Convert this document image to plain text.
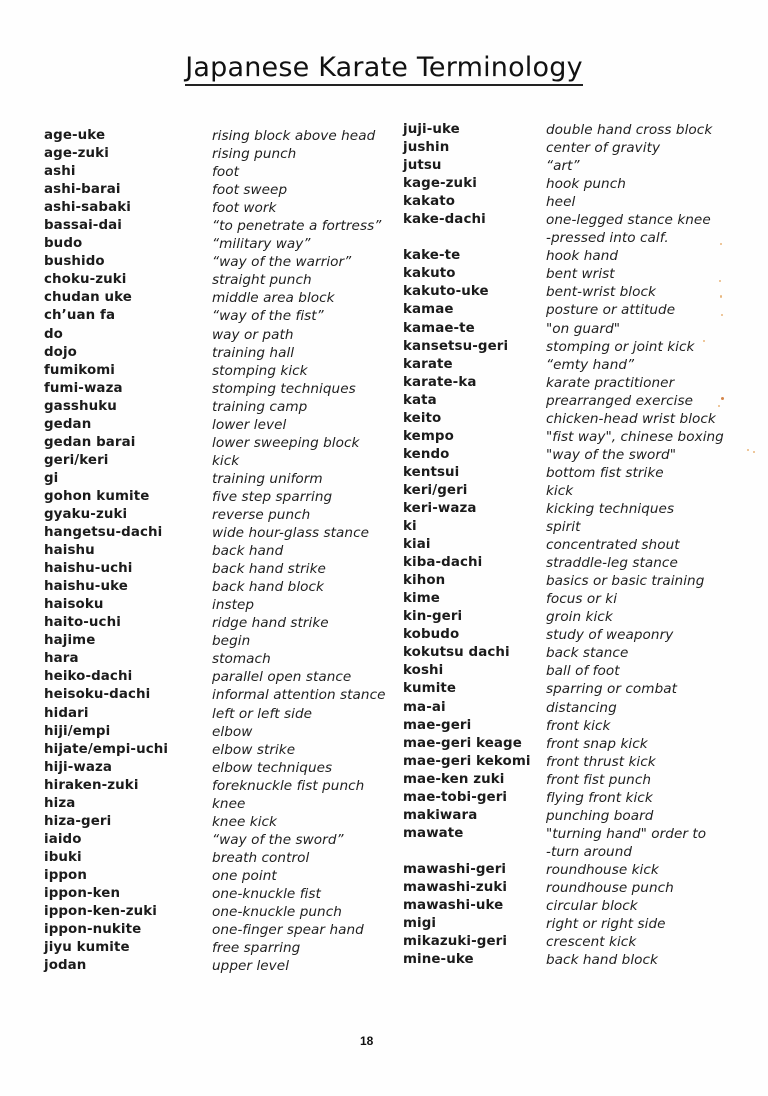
Japanese Karate Terminology
age-uke
age-zuki
ashi
ashi-barai
ashi-sabaki
bassai-dai
budo
bushido
choku-zuki
chudan uke
ch’uan fa
do
dojo
fumikomi
fumi-waza
gasshuku
gedan
gedan barai
geri/keri
gi
gohon kumite
gyaku-zuki
hangetsu-dachi
haishu
haishu-uchi
haishu-uke
haisoku
haito-uchi
hajime
hara
heiko-dachi
heisoku-dachi
hidari
hiji/empi
hijate/empi-uchi
hiji-waza
hiraken-zuki
hiza
hiza-geri
iaido
ibuki
ippon
ippon-ken
ippon-ken-zuki
ippon-nukite
jiyu kumite
jodan
rising block above head
rising punch
foot
foot sweep
foot work
“to penetrate a fortress”
“military way”
“way of the warrior”
straight punch
middle area block
“way of the fist”
way or path
training hall
stomping kick
stomping techniques
training camp
lower level
lower sweeping block
kick
training uniform
five step sparring
reverse punch
wide hour-glass stance
back hand
back hand strike
back hand block
instep
ridge hand strike
begin
stomach
parallel open stance
informal attention stance
left or left side
elbow
elbow strike
elbow techniques
foreknuckle fist punch
knee
knee kick
“way of the sword”
breath control
one point
one-knuckle fist
one-knuckle punch
one-finger spear hand
free sparring
upper level
juji-uke
jushin
jutsu
kage-zuki
kakato
kake-dachi
kake-te
kakuto
kakuto-uke
kamae
kamae-te
kansetsu-geri
karate
karate-ka
kata
keito
kempo
kendo
kentsui
keri/geri
keri-waza
ki
kiai
kiba-dachi
kihon
kime
kin-geri
kobudo
kokutsu dachi
koshi
kumite
ma-ai
mae-geri
mae-geri keage
mae-geri kekomi
mae-ken zuki
mae-tobi-geri
makiwara
mawate
mawashi-geri
mawashi-zuki
mawashi-uke
migi
mikazuki-geri
mine-uke
double hand cross block
center of gravity
“art”
hook punch
heel
one-legged stance knee
-pressed into calf.
hook hand
bent wrist
bent-wrist block
posture or attitude
"on guard"
stomping or joint kick
“emty hand”
karate practitioner
prearranged exercise
chicken-head wrist block
"fist way", chinese boxing
"way of the sword"
bottom fist strike
kick
kicking techniques
spirit
concentrated shout
straddle-leg stance
basics or basic training
focus or ki
groin kick
study of weaponry
back stance
ball of foot
sparring or combat
distancing
front kick
front snap kick
front thrust kick
front fist punch
flying front kick
punching board
"turning hand" order to
-turn around
roundhouse kick
roundhouse punch
circular block
right or right side
crescent kick
back hand block
18
